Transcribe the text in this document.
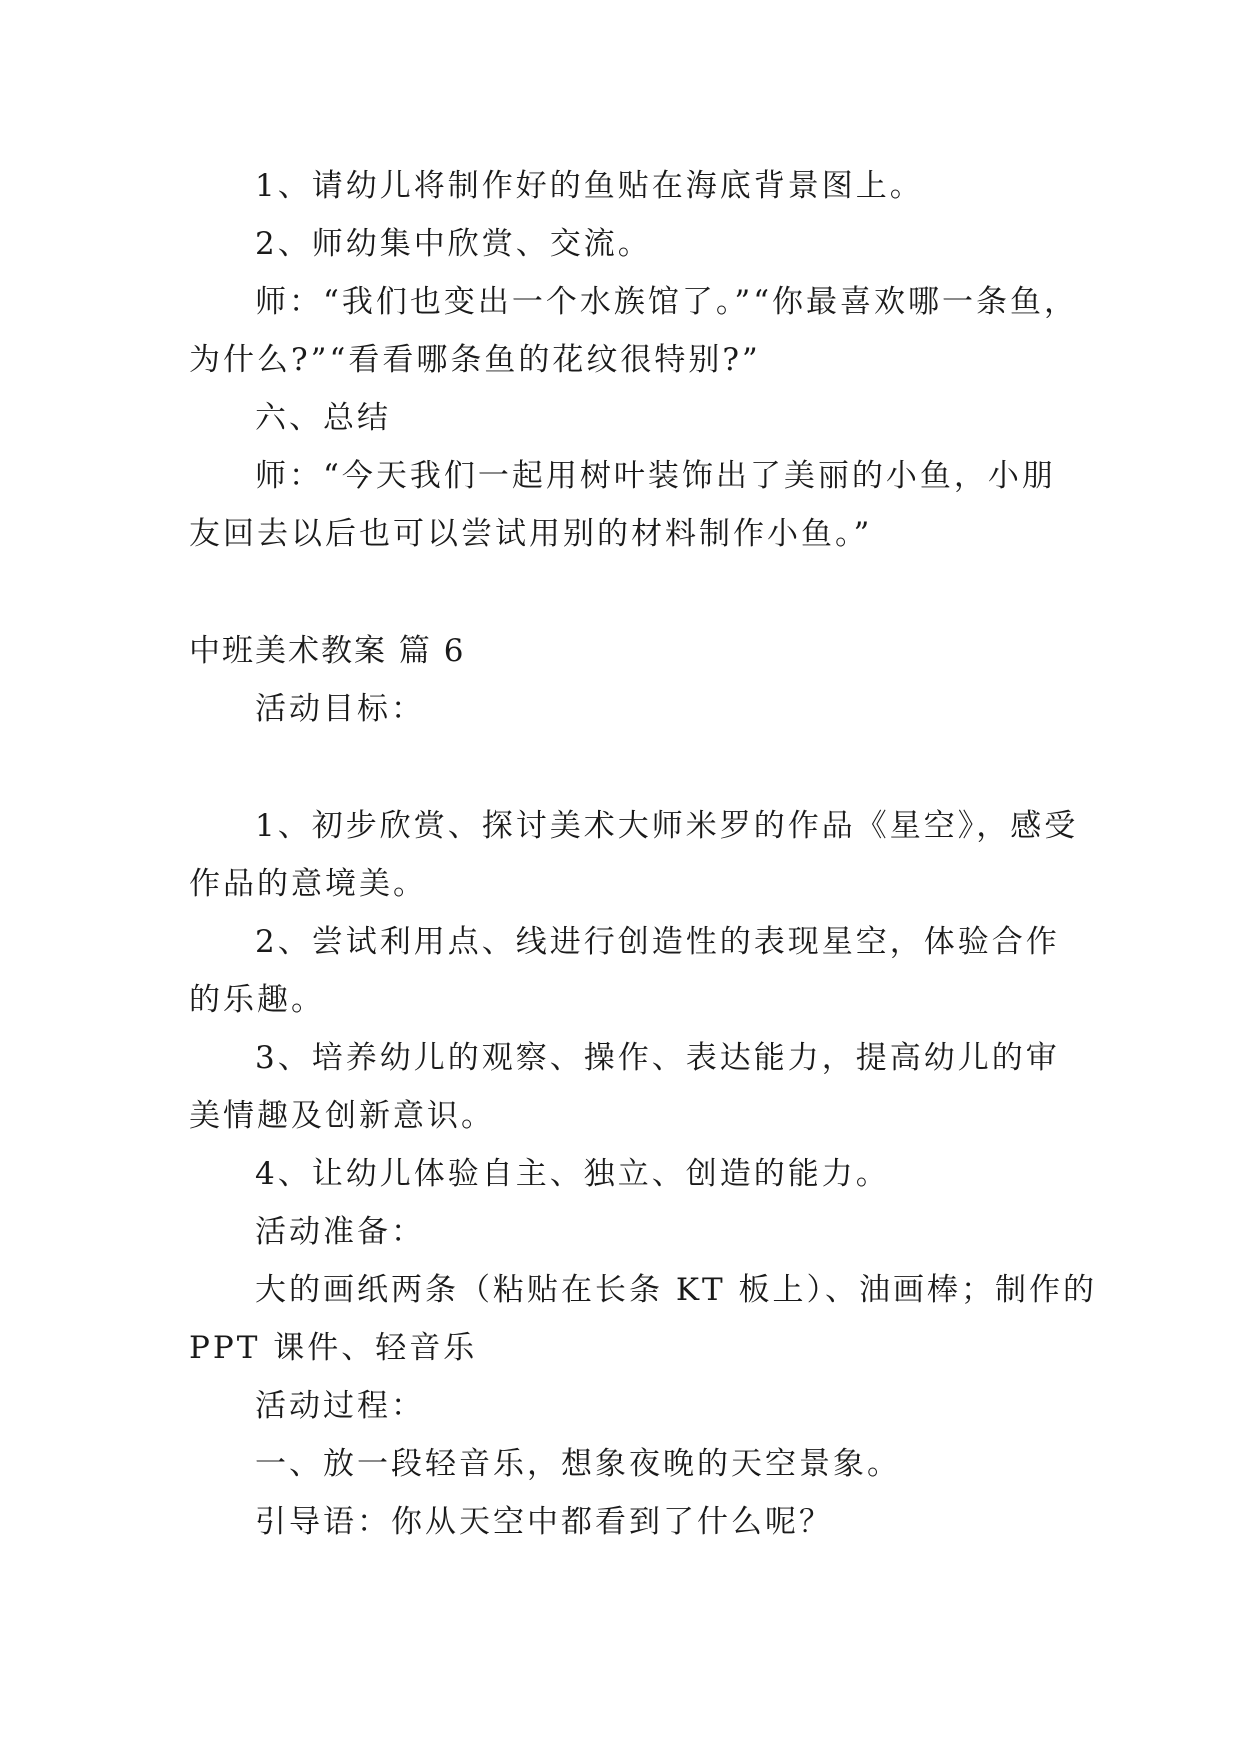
1、请幼儿将制作好的鱼贴在海底背景图上。
2、师幼集中欣赏、交流。
师：“我们也变出一个水族馆了。”“你最喜欢哪一条鱼，
为什么?”“看看哪条鱼的花纹很特别?”
六、总结
师：“今天我们一起用树叶装饰出了美丽的小鱼，小朋
友回去以后也可以尝试用别的材料制作小鱼。”
中班美术教案 篇 6
活动目标：
1、初步欣赏、探讨美术大师米罗的作品《星空》，感受
作品的意境美。
2、尝试利用点、线进行创造性的表现星空，体验合作
的乐趣。
3、培养幼儿的观察、操作、表达能力，提高幼儿的审
美情趣及创新意识。
4、让幼儿体验自主、独立、创造的能力。
活动准备：
大的画纸两条（粘贴在长条 KT 板上）、油画棒；制作的
PPT 课件、轻音乐
活动过程：
一、放一段轻音乐，想象夜晚的天空景象。
引导语：你从天空中都看到了什么呢？
